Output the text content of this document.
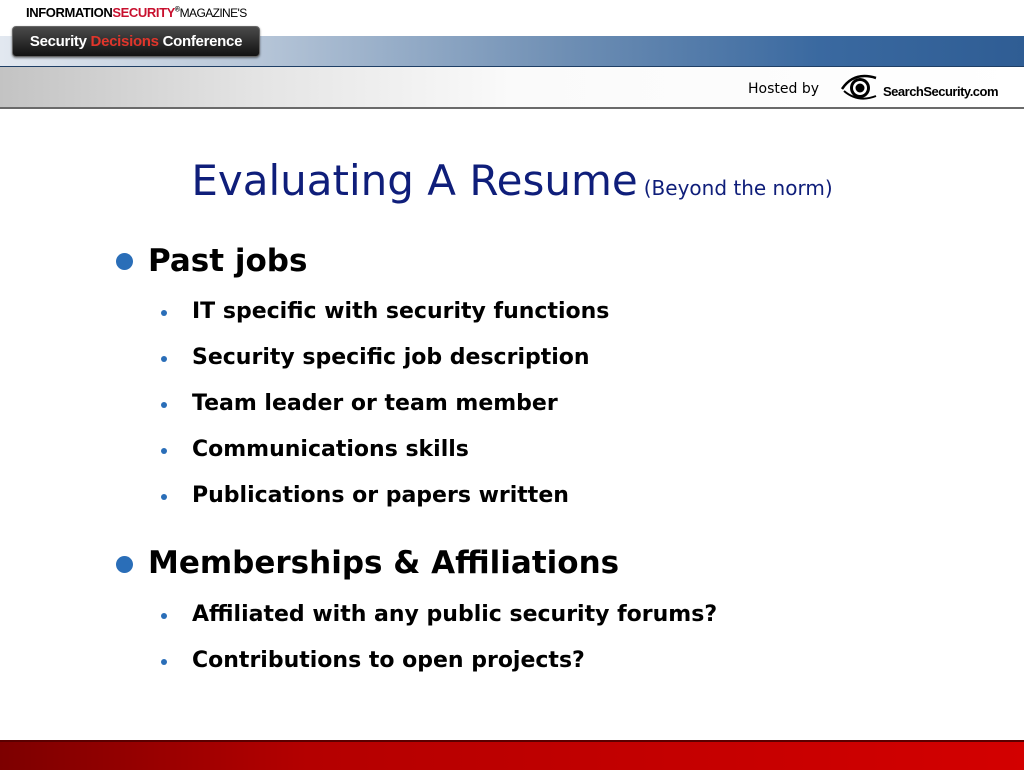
INFORMATIONSECURITY®MAGAZINE'S
Security Decisions Conference
Hosted by	SearchSecurity.com
Evaluating A Resume (Beyond the norm)
Past jobs
IT specific with security functions
Security specific job description
Team leader or team member
Communications skills
Publications or papers written
Memberships & Affiliations
Affiliated with any public security forums?
Contributions to open projects?
